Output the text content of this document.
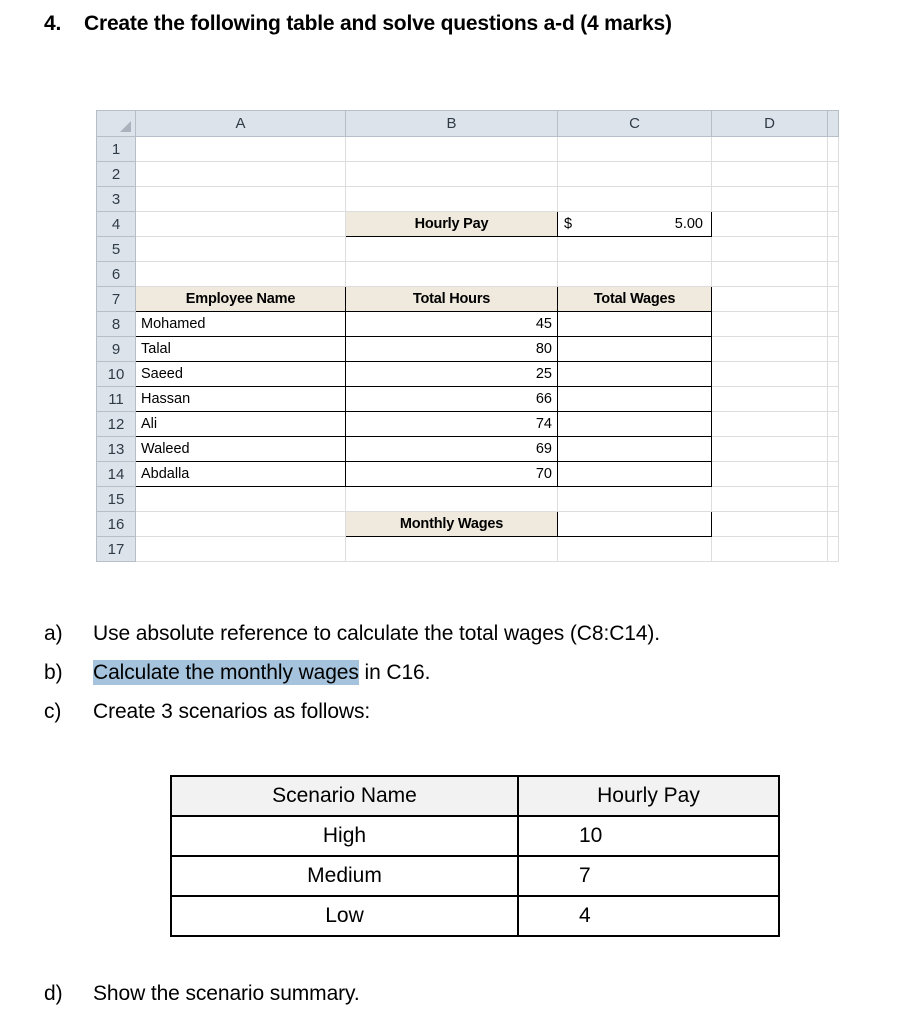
4. Create the following table and solve questions a-d (4 marks)
	A	B	C	D	
1					
2					
3					
4		Hourly Pay	$ 5.00		

5					
6					
7	Employee Name	Total Hours	Total Wages		
8	Mohamed	45			
9	Talal	80			
10	Saeed	25			
11	Hassan	66			
12	Ali	74			
13	Waleed	69			
14	Abdalla	70			
15					
16		Monthly Wages			
17					
a) Use absolute reference to calculate the total wages (C8:C14).
b) Calculate the monthly wages in C16.
c) Create 3 scenarios as follows:
Scenario Name	Hourly Pay
High	10
Medium	7
Low	4
d) Show the scenario summary.
